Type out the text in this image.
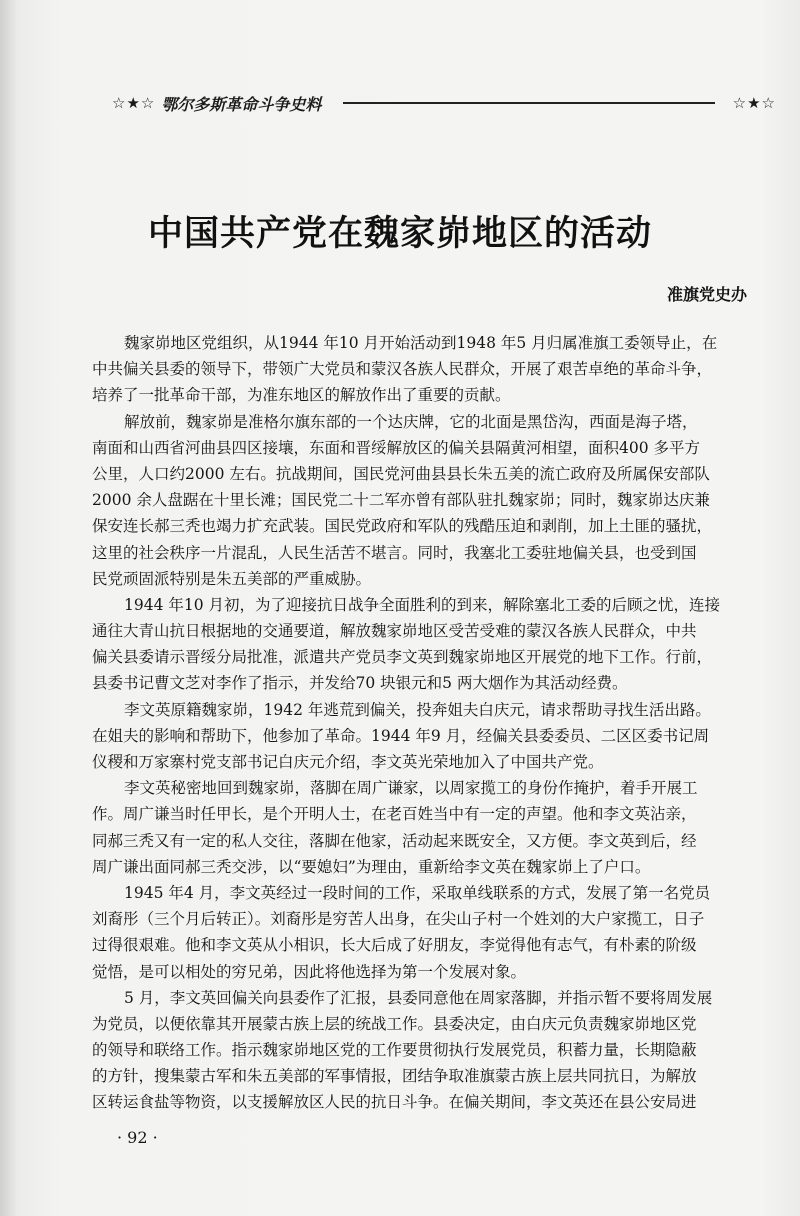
☆★☆ 鄂尔多斯革命斗争史料	☆★☆
中国共产党在魏家峁地区的活动
准旗党史办

魏家峁地区党组织，从1944 年10 月开始活动到1948 年5 月归属准旗工委领导止，在
中共偏关县委的领导下，带领广大党员和蒙汉各族人民群众，开展了艰苦卓绝的革命斗争，
培养了一批革命干部，为准东地区的解放作出了重要的贡献。

解放前，魏家峁是准格尔旗东部的一个达庆牌，它的北面是黑岱沟，西面是海子塔，
南面和山西省河曲县四区接壤，东面和晋绥解放区的偏关县隔黄河相望，面积400 多平方
公里，人口约2000 左右。抗战期间，国民党河曲县县长朱五美的流亡政府及所属保安部队
2000 余人盘踞在十里长滩；国民党二十二军亦曾有部队驻扎魏家峁；同时，魏家峁达庆兼
保安连长郝三秃也竭力扩充武装。国民党政府和军队的残酷压迫和剥削，加上土匪的骚扰，
这里的社会秩序一片混乱，人民生活苦不堪言。同时，我塞北工委驻地偏关县，也受到国
民党顽固派特别是朱五美部的严重威胁。

1944 年10 月初，为了迎接抗日战争全面胜利的到来，解除塞北工委的后顾之忧，连接
通往大青山抗日根据地的交通要道，解放魏家峁地区受苦受难的蒙汉各族人民群众，中共
偏关县委请示晋绥分局批准，派遣共产党员李文英到魏家峁地区开展党的地下工作。行前，
县委书记曹文芝对李作了指示，并发给70 块银元和5 两大烟作为其活动经费。

李文英原籍魏家峁，1942 年逃荒到偏关，投奔姐夫白庆元，请求帮助寻找生活出路。
在姐夫的影响和帮助下，他参加了革命。1944 年9 月，经偏关县委委员、二区区委书记周
仪稷和万家寨村党支部书记白庆元介绍，李文英光荣地加入了中国共产党。

李文英秘密地回到魏家峁，落脚在周广谦家，以周家揽工的身份作掩护，着手开展工
作。周广谦当时任甲长，是个开明人士，在老百姓当中有一定的声望。他和李文英沾亲，
同郝三秃又有一定的私人交往，落脚在他家，活动起来既安全，又方便。李文英到后，经
周广谦出面同郝三秃交涉，以“要媳妇”为理由，重新给李文英在魏家峁上了户口。

1945 年4 月，李文英经过一段时间的工作，采取单线联系的方式，发展了第一名党员
刘裔彤（三个月后转正）。刘裔彤是穷苦人出身，在尖山子村一个姓刘的大户家揽工，日子
过得很艰难。他和李文英从小相识，长大后成了好朋友，李觉得他有志气，有朴素的阶级
觉悟，是可以相处的穷兄弟，因此将他选择为第一个发展对象。

5 月，李文英回偏关向县委作了汇报，县委同意他在周家落脚，并指示暂不要将周发展
为党员，以便依靠其开展蒙古族上层的统战工作。县委决定，由白庆元负责魏家峁地区党
的领导和联络工作。指示魏家峁地区党的工作要贯彻执行发展党员，积蓄力量，长期隐蔽
的方针，搜集蒙古军和朱五美部的军事情报，团结争取准旗蒙古族上层共同抗日，为解放
区转运食盐等物资，以支援解放区人民的抗日斗争。在偏关期间，李文英还在县公安局进

· 92 ·
